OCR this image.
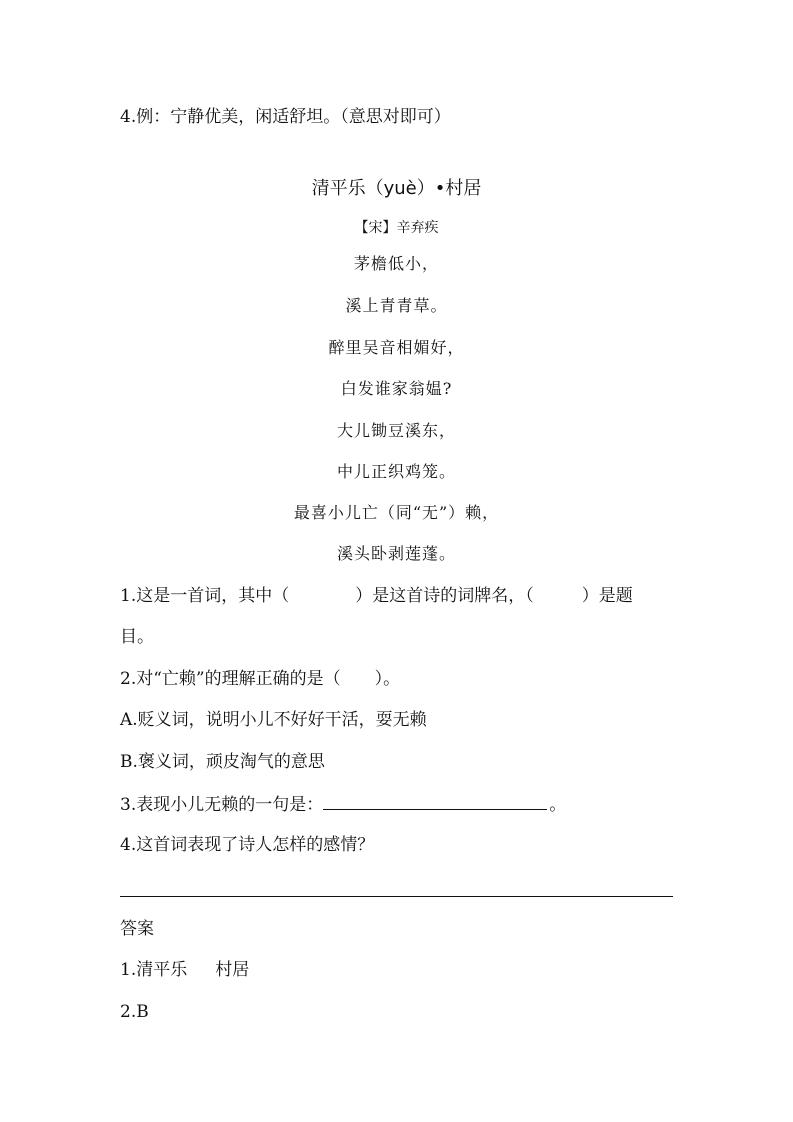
4.例：宁静优美，闲适舒坦。（意思对即可）
清平乐（yuè）•村居
【宋】辛弃疾
茅檐低小，
溪上青青草。
醉里吴音相媚好，
白发谁家翁媪?
大儿锄豆溪东，
中儿正织鸡笼。
最喜小儿亡（同“无”）赖，
溪头卧剥莲蓬。
1.这是一首词，其中（	）是这首诗的词牌名，（	）是题
目。
2.对“亡赖”的理解正确的是（　　）。
A.贬义词，说明小儿不好好干活，耍无赖
B.褒义词，顽皮淘气的意思
3.表现小儿无赖的一句是：	。
4.这首词表现了诗人怎样的感情？
答案
1.清平乐 村居
2.B
